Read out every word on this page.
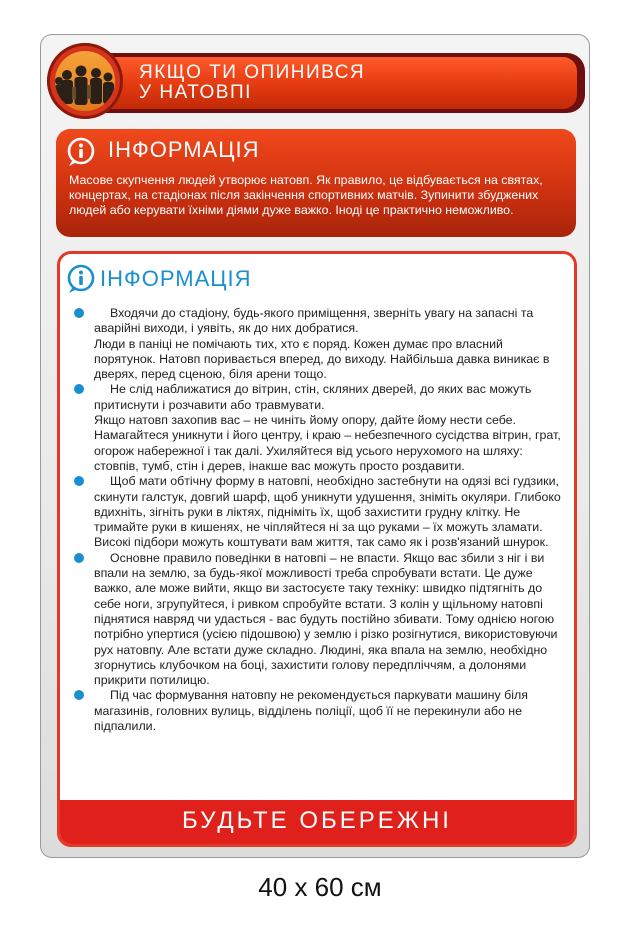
ЯКЩО ТИ ОПИНИВСЯ
У НАТОВПІ
ІНФОРМАЦІЯ
Масове скупчення людей утворює натовп. Як правило, це відбувається на святах, концертах, на стадіонах після закінчення спортивних матчів. Зупинити збуджених людей або керувати їхніми діями дуже важко. Іноді це практично неможливо.
ІНФОРМАЦІЯ

Входячи до стадіону, будь-якого приміщення, зверніть увагу на запасні та аварійні виходи, і уявіть, як до них добратися.

Люди в паніці не помічають тих, хто є поряд. Кожен думає про власний порятунок. Натовп поривається вперед, до виходу. Найбільша давка виникає в дверях, перед сценою, біля арени тощо.

Не слід наближатися до вітрин, стін, скляних дверей, до яких вас можуть притиснути і розчавити або травмувати.

Якщо натовп захопив вас – не чиніть йому опору, дайте йому нести себе. Намагайтеся уникнути і його центру, і краю – небезпечного сусідства вітрин, грат, огорож набережної і так далі. Ухиляйтеся від усього нерухомого на шляху: стовпів, тумб, стін і дерев, інакше вас можуть просто роздавити.

Щоб мати обтічну форму в натовпі, необхідно застебнути на одязі всі гудзики, скинути галстук, довгий шарф, щоб уникнути удушення, зніміть окуляри. Глибоко вдихніть, зігніть руки в ліктях, підніміть їх, щоб захистити грудну клітку. Не тримайте руки в кишенях, не чіпляйтеся ні за що руками – їх можуть зламати. Високі підбори можуть коштувати вам життя, так само як і розв'язаний шнурок.

Основне правило поведінки в натовпі – не впасти. Якщо вас збили з ніг і ви впали на землю, за будь-якої можливості треба спробувати встати. Це дуже важко, але може вийти, якщо ви застосуєте таку техніку: швидко підтягніть до себе ноги, згрупуйтеся, і ривком спробуйте встати. З колін у щільному натовпі піднятися навряд чи удасться - вас будуть постійно збивати. Тому однією ногою потрібно упертися (усією підошвою) у землю і різко розігнутися, використовуючи рух натовпу. Але встати дуже складно. Людині, яка впала на землю, необхідно згорнутись клубочком на боці, захистити голову передпліччям, а долонями прикрити потилицю.

Під час формування натовпу не рекомендується паркувати машину біля магазинів, головних вулиць, відділень поліції, щоб її не перекинули або не підпалили.

БУДЬТЕ ОБЕРЕЖНІ
40 х 60 см
